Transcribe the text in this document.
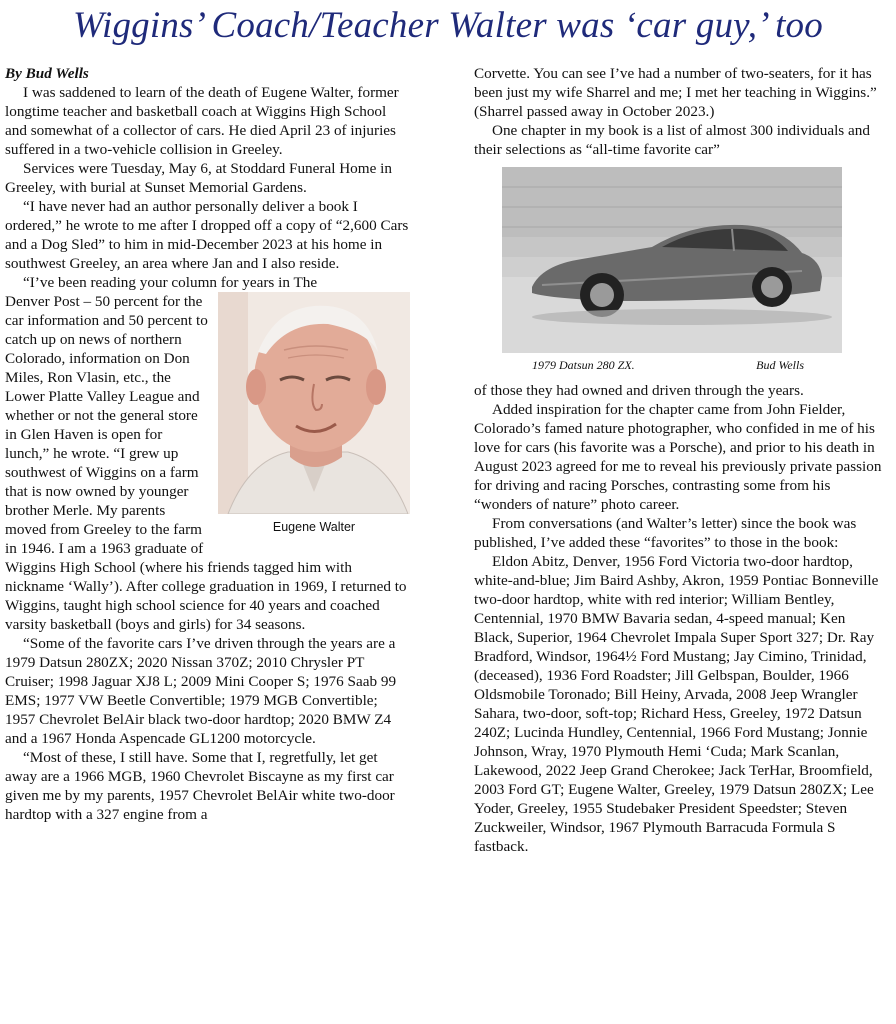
Wiggins’ Coach/Teacher Walter was ‘car guy,’ too

By Bud Wells

I was saddened to learn of the death of Eugene Walter, former longtime teacher and basketball coach at Wiggins High School and somewhat of a collector of cars. He died April 23 of injuries suffered in a two-vehicle collision in Greeley.

Services were Tuesday, May 6, at Stoddard Funeral Home in Greeley, with burial at Sunset Memorial Gardens.

“I have never had an author personally deliver a book I ordered,” he wrote to me after I dropped off a copy of “2,600 Cars and a Dog Sled” to him in mid-December 2023 at his home in southwest Greeley, an area where Jan and I also reside.

“I’ve been reading your column for years in The

Eugene Walter

Denver Post – 50 percent for the car information and 50 percent to catch up on news of northern Colorado, information on Don Miles, Ron Vlasin, etc., the Lower Platte Valley League and whether or not the general store in Glen Haven is open for lunch,” he wrote. “I grew up southwest of Wiggins on a farm that is now owned by younger brother Merle. My parents moved from Greeley to the farm in 1946. I am a 1963 graduate of Wiggins High School (where his friends tagged him with nickname ‘Wally’). After college graduation in 1969, I returned to Wiggins, taught high school science for 40 years and coached varsity basketball (boys and girls) for 34 seasons.

“Some of the favorite cars I’ve driven through the years are a 1979 Datsun 280ZX; 2020 Nissan 370Z; 2010 Chrysler PT Cruiser; 1998 Jaguar XJ8 L; 2009 Mini Cooper S; 1976 Saab 99 EMS; 1977 VW Beetle Convertible; 1979 MGB Convertible; 1957 Chevrolet BelAir black two-door hardtop; 2020 BMW Z4 and a 1967 Honda Aspencade GL1200 motorcycle.

“Most of these, I still have. Some that I, regretfully, let get away are a 1966 MGB, 1960 Chevrolet Biscayne as my first car given me by my parents, 1957 Chevrolet BelAir white two-door hardtop with a 327 engine from a

Corvette. You can see I’ve had a number of two-seaters, for it has been just my wife Sharrel and me; I met her teaching in Wiggins.” (Sharrel passed away in October 2023.)

One chapter in my book is a list of almost 300 individuals and their selections as “all-time favorite car”

1979 Datsun 280 ZX.	Bud Wells

of those they had owned and driven through the years.

Added inspiration for the chapter came from John Fielder, Colorado’s famed nature photographer, who confided in me of his love for cars (his favorite was a Porsche), and prior to his death in August 2023 agreed for me to reveal his previously private passion for driving and racing Porsches, contrasting some from his “wonders of nature” photo career.

From conversations (and Walter’s letter) since the book was published, I’ve added these “favorites” to those in the book:

Eldon Abitz, Denver, 1956 Ford Victoria two-door hardtop, white-and-blue; Jim Baird Ashby, Akron, 1959 Pontiac Bonneville two-door hardtop, white with red interior; William Bentley, Centennial, 1970 BMW Bavaria sedan, 4-speed manual; Ken Black, Superior, 1964 Chevrolet Impala Super Sport 327; Dr. Ray Bradford, Windsor, 1964½ Ford Mustang; Jay Cimino, Trinidad, (deceased), 1936 Ford Roadster; Jill Gelbspan, Boulder, 1966 Oldsmobile Toronado; Bill Heiny, Arvada, 2008 Jeep Wrangler Sahara, two-door, soft-top; Richard Hess, Greeley, 1972 Datsun 240Z; Lucinda Hundley, Centennial, 1966 Ford Mustang; Jonnie Johnson, Wray, 1970 Plymouth Hemi ‘Cuda; Mark Scanlan, Lakewood, 2022 Jeep Grand Cherokee; Jack TerHar, Broomfield, 2003 Ford GT; Eugene Walter, Greeley, 1979 Datsun 280ZX; Lee Yoder, Greeley, 1955 Studebaker President Speedster; Steven Zuckweiler, Windsor, 1967 Plymouth Barracuda Formula S fastback.
